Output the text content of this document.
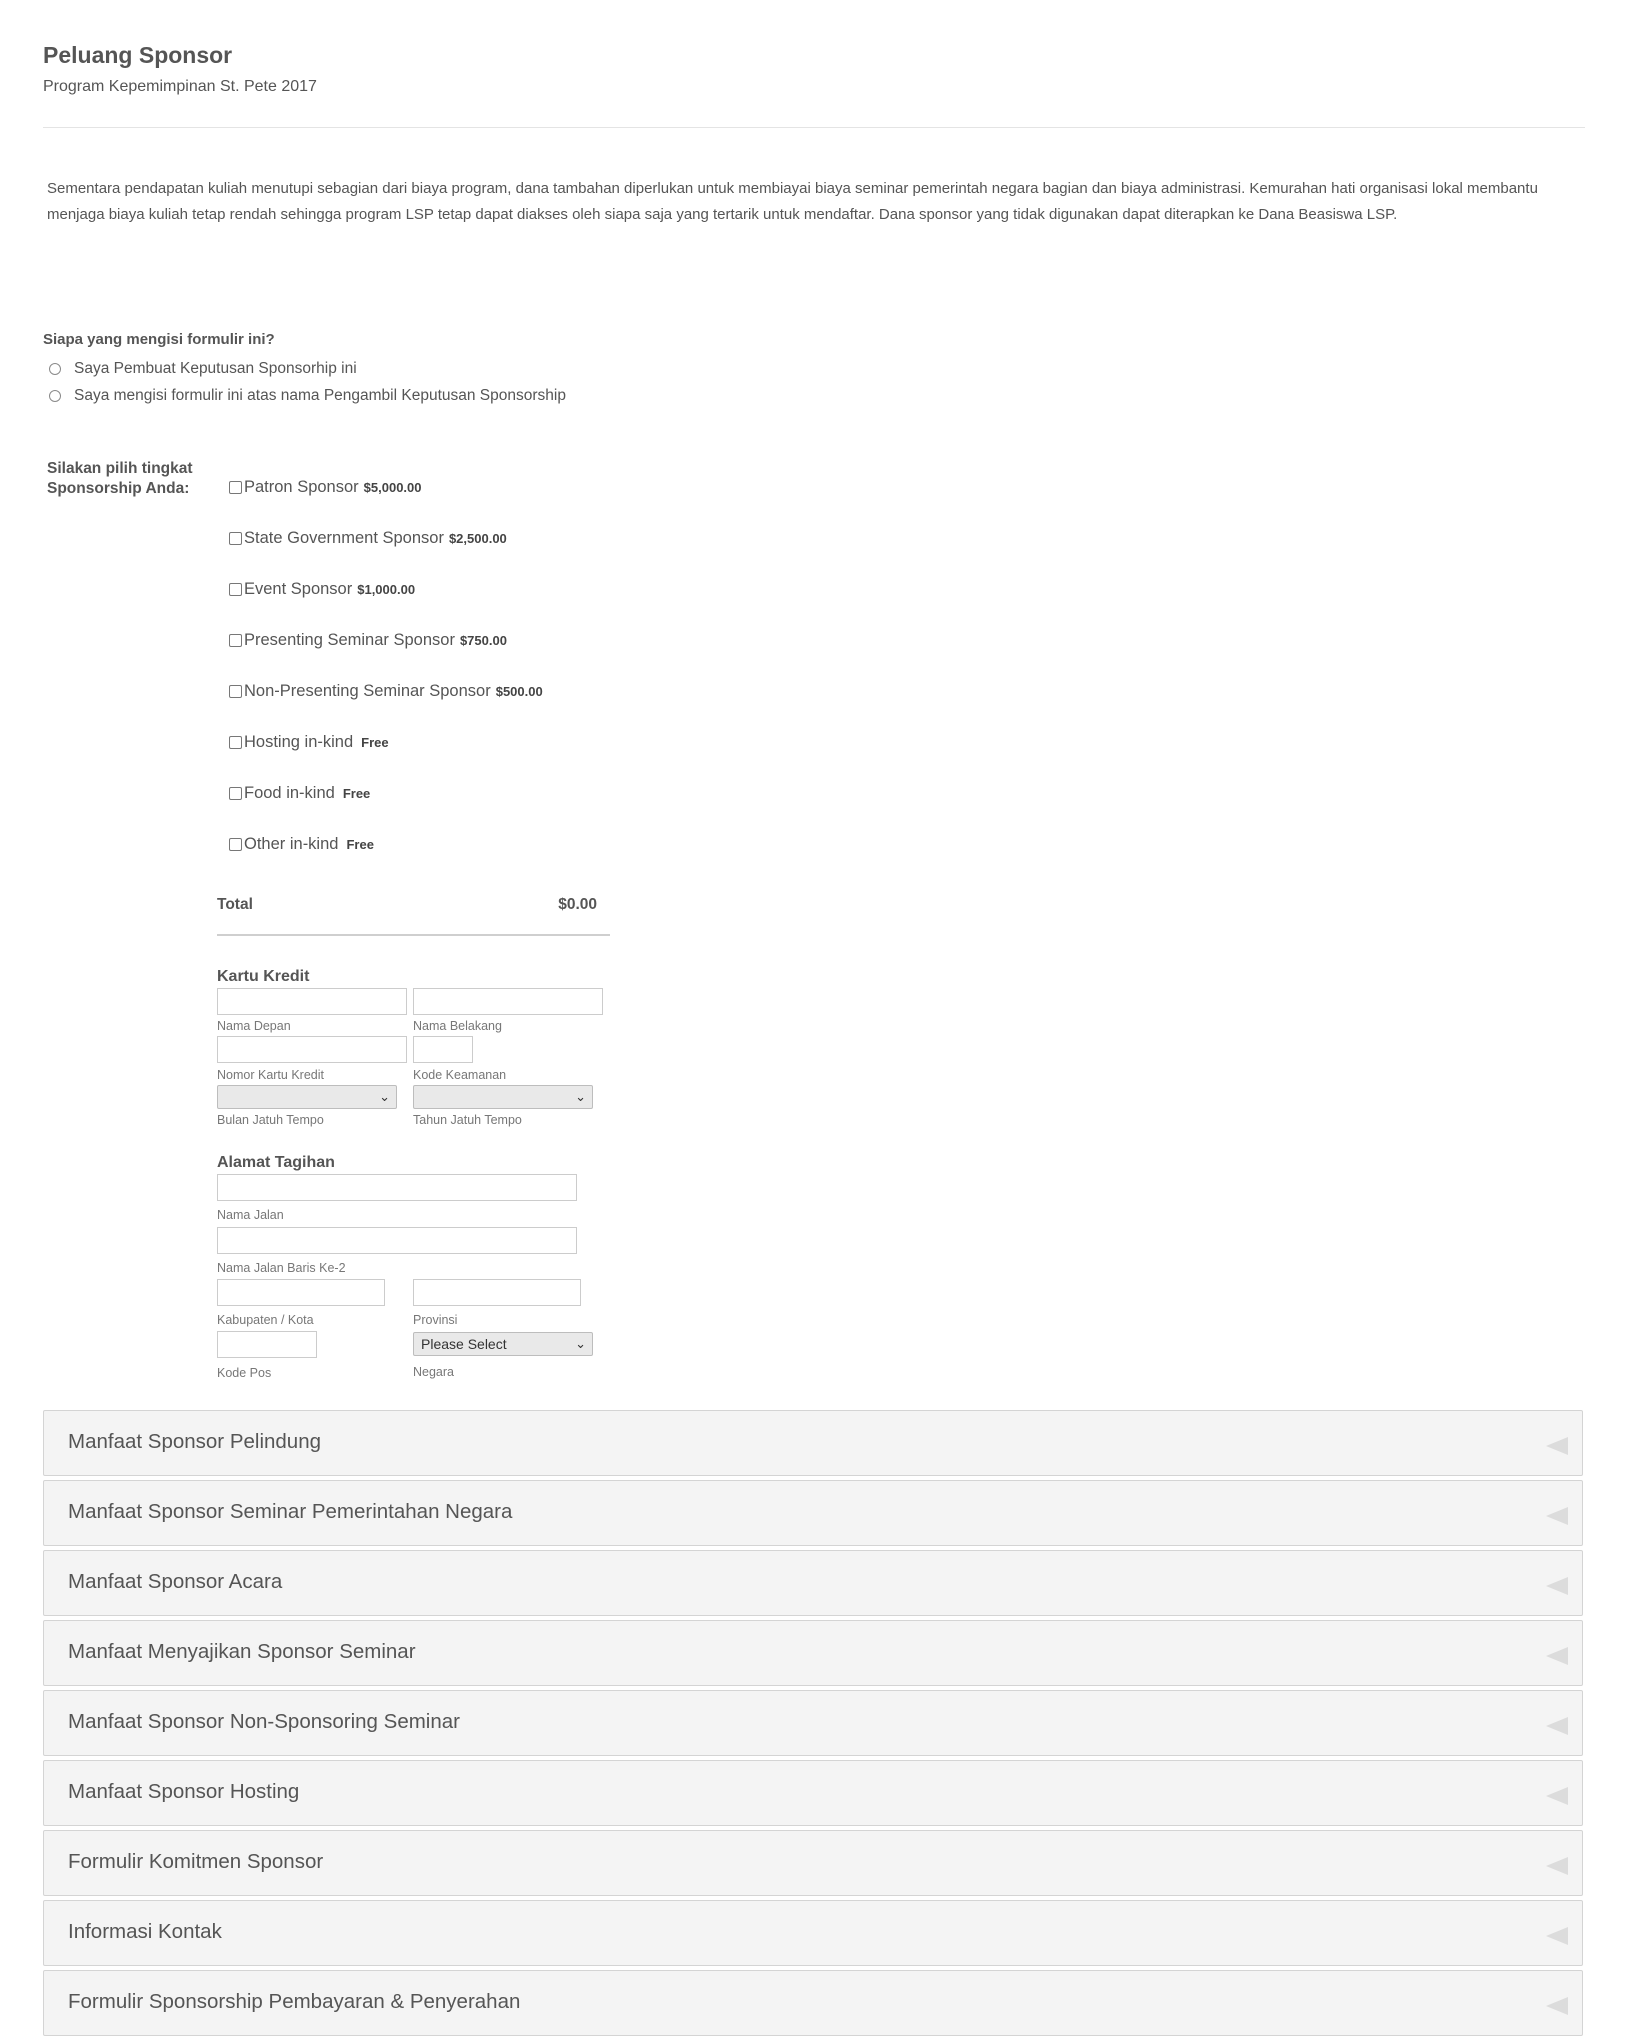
Peluang Sponsor
Program Kepemimpinan St. Pete 2017
Sementara pendapatan kuliah menutupi sebagian dari biaya program, dana tambahan diperlukan untuk membiayai biaya seminar pemerintah negara bagian dan biaya administrasi. Kemurahan hati organisasi lokal membantu menjaga biaya kuliah tetap rendah sehingga program LSP tetap dapat diakses oleh siapa saja yang tertarik untuk mendaftar. Dana sponsor yang tidak digunakan dapat diterapkan ke Dana Beasiswa LSP.
Siapa yang mengisi formulir ini?
Saya Pembuat Keputusan Sponsorhip ini
Saya mengisi formulir ini atas nama Pengambil Keputusan Sponsorship
Silakan pilih tingkat Sponsorship Anda:	Patron Sponsor $5,000.00
State Government Sponsor $2,500.00
Event Sponsor $1,000.00
Presenting Seminar Sponsor $750.00
Non-Presenting Seminar Sponsor $500.00
Hosting in-kind Free
Food in-kind Free
Other in-kind Free
Total	$0.00
Kartu Kredit
Nama Depan	Nama Belakang
Nomor Kartu Kredit	Kode Keamanan
⌄	⌄
Bulan Jatuh Tempo	Tahun Jatuh Tempo
Alamat Tagihan
Nama Jalan
Nama Jalan Baris Ke-2
Kabupaten / Kota	Provinsi
Please Select	⌄
Kode Pos	Negara
Manfaat Sponsor Pelindung
Manfaat Sponsor Seminar Pemerintahan Negara
Manfaat Sponsor Acara
Manfaat Menyajikan Sponsor Seminar
Manfaat Sponsor Non-Sponsoring Seminar
Manfaat Sponsor Hosting
Formulir Komitmen Sponsor
Informasi Kontak
Formulir Sponsorship Pembayaran & Penyerahan
